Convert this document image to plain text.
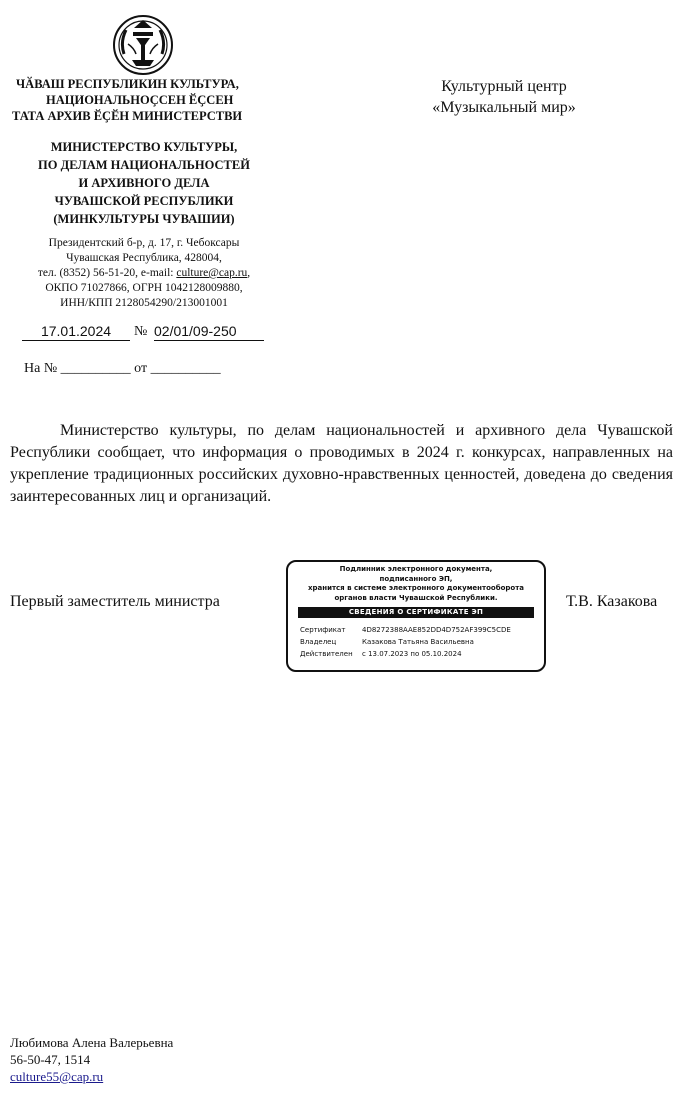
ЧӐВАШ РЕСПУБЛИКИН КУЛЬТУРА,
НАЦИОНАЛЬНОҪСЕН ӖҪСЕН
ТАТА АРХИВ ӖҪӖН МИНИСТЕРСТВИ
МИНИСТЕРСТВО КУЛЬТУРЫ,
ПО ДЕЛАМ НАЦИОНАЛЬНОСТЕЙ
И АРХИВНОГО ДЕЛА
ЧУВАШСКОЙ РЕСПУБЛИКИ
(МИНКУЛЬТУРЫ ЧУВАШИИ)
Президентский б-р, д. 17, г. Чебоксары
Чувашская Республика, 428004,
тел. (8352) 56-51-20, e-mail: culture@cap.ru,
ОКПО 71027866, ОГРН 1042128009880,
ИНН/КПП 2128054290/213001001
17.01.2024	№ 02/01/09-250
На № __________ от __________
Культурный центр
«Музыкальный мир»
Министерство культуры, по делам национальностей и архивного дела Чувашской Республики сообщает, что информация о проводимых в 2024 г. конкурсах, направленных на укрепление традиционных российских духовно-нравственных ценностей, доведена до сведения заинтересованных лиц и организаций.
Первый заместитель министра	Т.В. Казакова
Подлинник электронного документа,
подписанного ЭП,
хранится в системе электронного документооборота
органов власти Чувашской Республики.
СВЕДЕНИЯ О СЕРТИФИКАТЕ ЭП
Сертификат 4D8272388AAE852DD4D752AF399C5CDE
Владелец	Казакова Татьяна Васильевна
Действителен с 13.07.2023 по 05.10.2024
Любимова Алена Валерьевна
56-50-47, 1514
culture55@cap.ru
